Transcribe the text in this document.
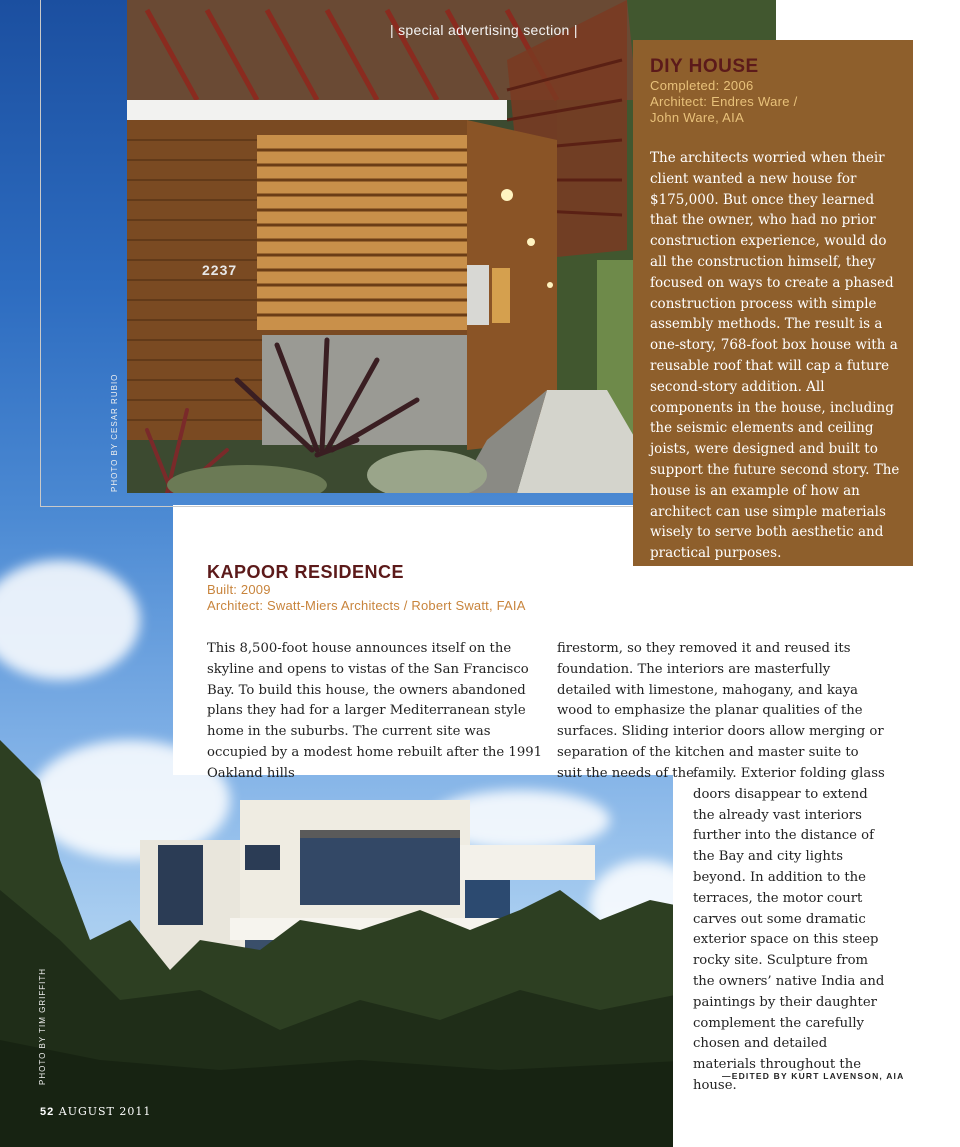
2237
| special advertising section |
PHOTO BY CESAR RUBIO
DIY HOUSE
Completed: 2006
Architect: Endres Ware /
John Ware, AIA
The architects worried when their client wanted a new house for $175,000. But once they learned that the owner, who had no prior construction experience, would do all the construction himself, they focused on ways to create a phased construction process with simple assembly methods. The result is a one-story, 768-foot box house with a reusable roof that will cap a future second-story addition. All components in the house, including the seismic elements and ceiling joists, were designed and built to support the future second story. The house is an example of how an architect can use simple materials wisely to serve both aesthetic and practical purposes.
KAPOOR RESIDENCE
Built: 2009
Architect: Swatt-Miers Architects / Robert Swatt, FAIA
This 8,500-foot house announces itself on the skyline and opens to vistas of the San Francisco Bay. To build this house, the owners abandoned plans they had for a larger Mediterranean style home in the suburbs. The current site was occupied by a modest home rebuilt after the 1991 Oakland hills
firestorm, so they removed it and reused its foundation. The interiors are masterfully detailed with limestone, mahogany, and kaya wood to emphasize the planar qualities of the surfaces. Sliding interior doors allow merging or separation of the kitchen and master suite to suit the needs of the family. Exterior folding glass doors disappear to extend the already vast interiors further into the distance of the Bay and city lights beyond. In addition to the terraces, the motor court carves out some dramatic exterior space on this steep rocky site. Sculpture from the owners’ native India and paintings by their daughter complement the carefully chosen and detailed materials throughout the house.
—EDITED BY KURT LAVENSON, AIA
PHOTO BY TIM GRIFFITH
52 AUGUST 2011
